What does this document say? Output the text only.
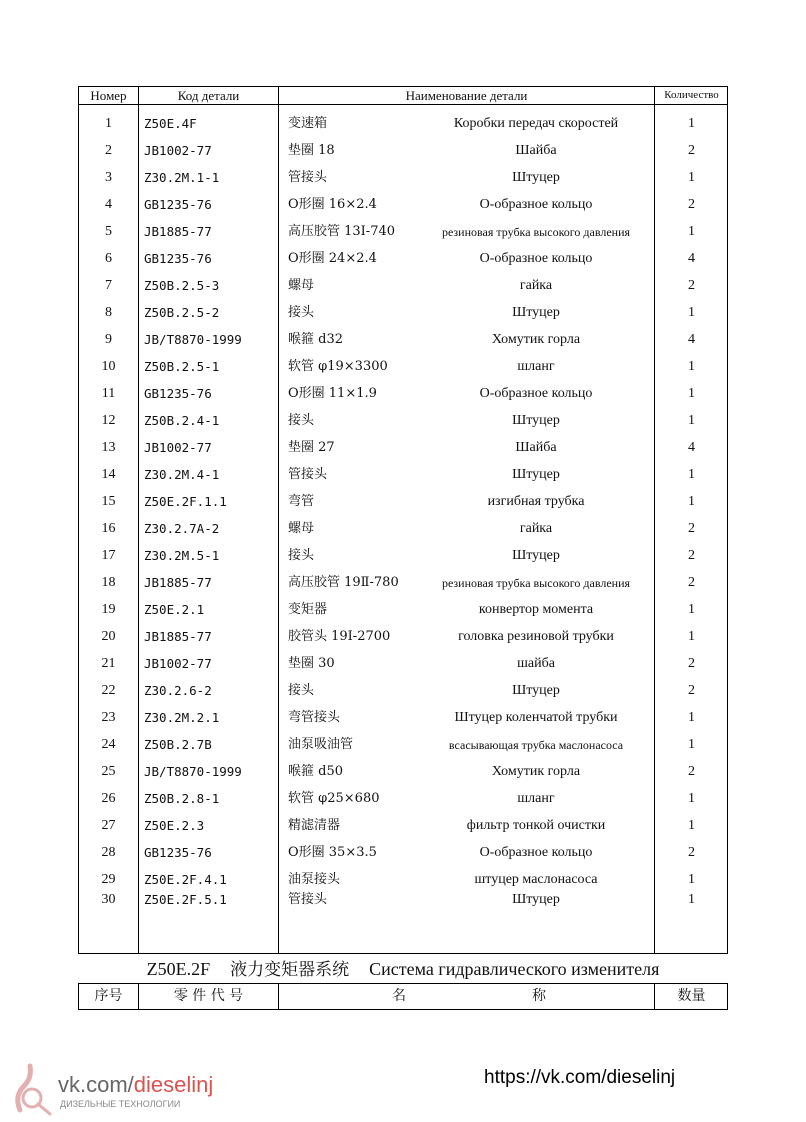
Номер	Код детали	Наименование детали	Количество
1	Z50E.4F	变速箱	Коробки передач скоростей	1
2	JB1002-77	垫圈 18	Шайба	2
3	Z30.2M.1-1	管接头	Штуцер	1
4	GB1235-76	O形圈 16×2.4	O-образное кольцо	2
5	JB1885-77	高压胶管 13Ⅰ-740	резиновая трубка высокого давления	1
6	GB1235-76	O形圈 24×2.4	O-образное кольцо	4
7	Z50B.2.5-3	螺母	гайка	2
8	Z50B.2.5-2	接头	Штуцер	1
9	JB/T8870-1999	喉箍 d32	Хомутик горла	4
10	Z50B.2.5-1	软管 φ19×3300	шланг	1
11	GB1235-76	O形圈 11×1.9	O-образное кольцо	1
12	Z50B.2.4-1	接头	Штуцер	1
13	JB1002-77	垫圈 27	Шайба	4
14	Z30.2M.4-1	管接头	Штуцер	1
15	Z50E.2F.1.1	弯管	изгибная трубка	1
16	Z30.2.7A-2	螺母	гайка	2
17	Z30.2M.5-1	接头	Штуцер	2
18	JB1885-77	高压胶管 19Ⅱ-780	резиновая трубка высокого давления	2
19	Z50E.2.1	变矩器	конвертор момента	1
20	JB1885-77	胶管头 19Ⅰ-2700	головка резиновой трубки	1
21	JB1002-77	垫圈 30	шайба	2
22	Z30.2.6-2	接头	Штуцер	2
23	Z30.2M.2.1	弯管接头	Штуцер коленчатой трубки	1
24	Z50B.2.7B	油泵吸油管	всасывающая трубка маслонасоса	1
25	JB/T8870-1999	喉箍 d50	Хомутик горла	2
26	Z50B.2.8-1	软管 φ25×680	шланг	1
27	Z50E.2.3	精滤清器	фильтр тонкой очистки	1
28	GB1235-76	O形圈 35×3.5	O-образное кольцо	2
29	Z50E.2F.4.1	油泵接头	штуцер маслонасоса	1
30	Z50E.2F.5.1	管接头	Штуцер	1
Z50E.2F 液力变矩器系统 Система гидравлического изменителя
序号	零 件 代 号	名	称	数量
vk.com/dieselinj
ДИЗЕЛЬНЫЕ ТЕХНОЛОГИИ
https://vk.com/dieselinj
